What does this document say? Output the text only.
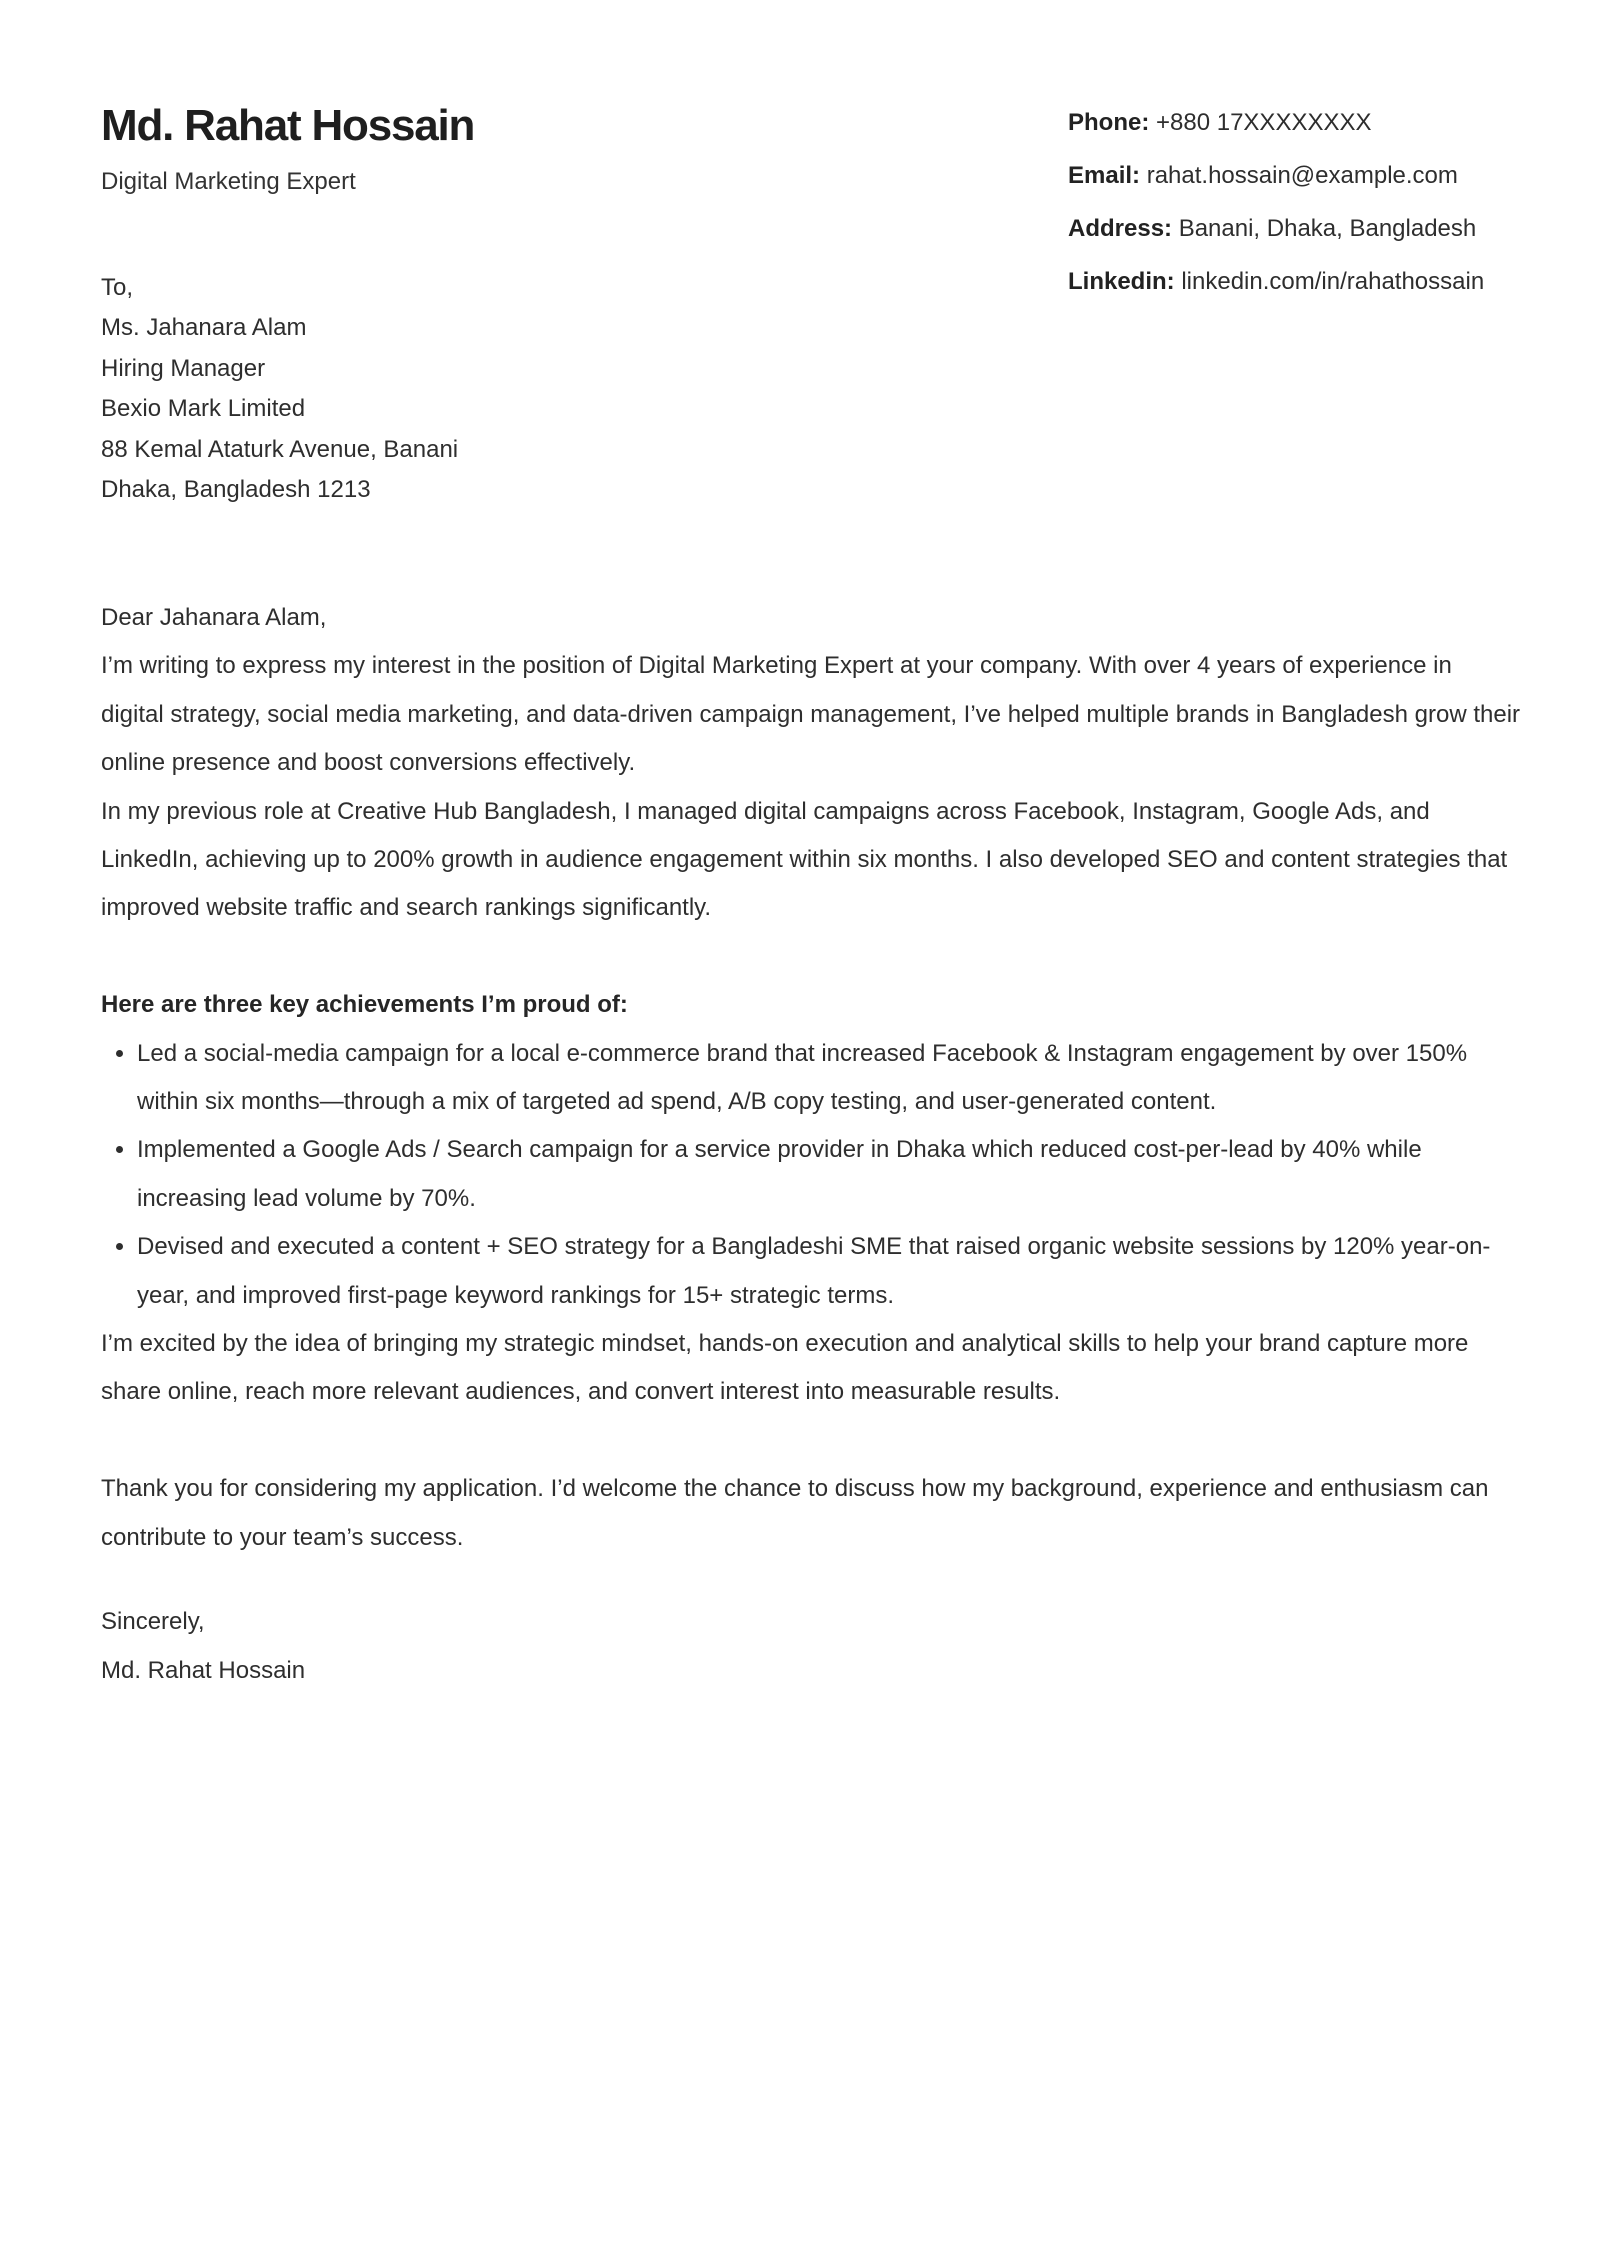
Md. Rahat Hossain
Digital Marketing Expert
Phone: +880 17XXXXXXXX
Email: rahat.hossain@example.com
Address: Banani, Dhaka, Bangladesh
Linkedin: linkedin.com/in/rahathossain
To,
Ms. Jahanara Alam
Hiring Manager
Bexio Mark Limited
88 Kemal Ataturk Avenue, Banani
Dhaka, Bangladesh 1213

Dear Jahanara Alam,

I’m writing to express my interest in the position of Digital Marketing Expert at your company. With over 4 years of experience in digital strategy, social media marketing, and data-driven campaign management, I’ve helped multiple brands in Bangladesh grow their online presence and boost conversions effectively.

In my previous role at Creative Hub Bangladesh, I managed digital campaigns across Facebook, Instagram, Google Ads, and LinkedIn, achieving up to 200% growth in audience engagement within six months. I also developed SEO and content strategies that improved website traffic and search rankings significantly.

Here are three key achievements I’m proud of:

• Led a social-media campaign for a local e-commerce brand that increased Facebook & Instagram engagement by over 150% within six months—through a mix of targeted ad spend, A/B copy testing, and user-generated content.
• Implemented a Google Ads / Search campaign for a service provider in Dhaka which reduced cost-per-lead by 40% while increasing lead volume by 70%.
• Devised and executed a content + SEO strategy for a Bangladeshi SME that raised organic website sessions by 120% year-on-year, and improved first-page keyword rankings for 15+ strategic terms.

I’m excited by the idea of bringing my strategic mindset, hands-on execution and analytical skills to help your brand capture more share online, reach more relevant audiences, and convert interest into measurable results.

Thank you for considering my application. I’d welcome the chance to discuss how my background, experience and enthusiasm can contribute to your team’s success.

Sincerely,

Md. Rahat Hossain
